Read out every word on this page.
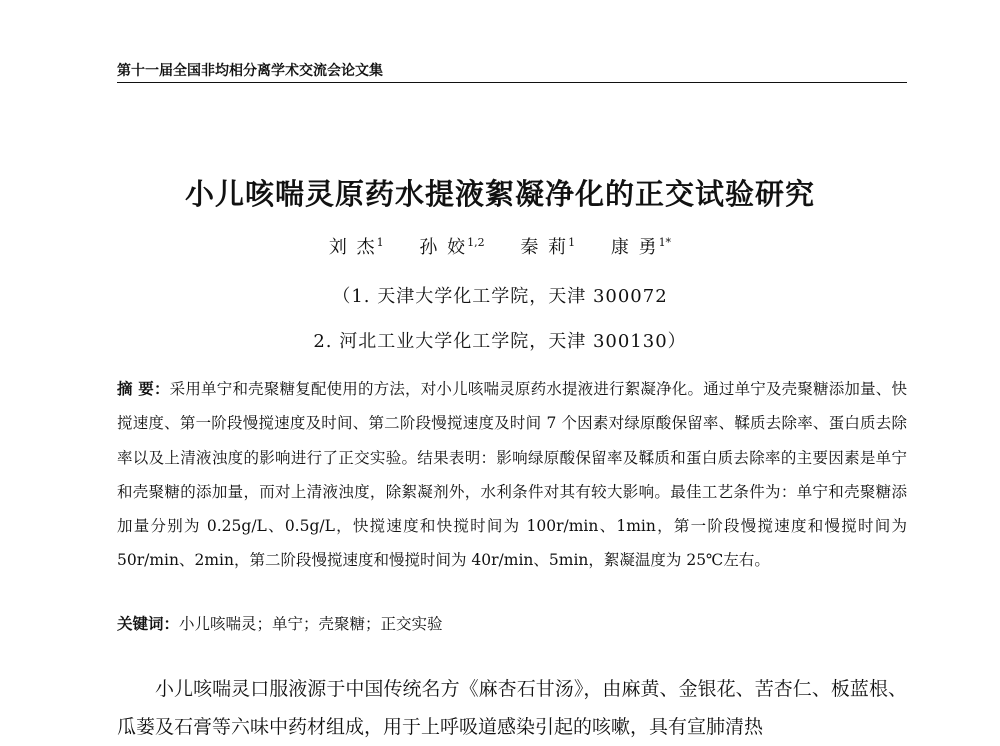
第十一届全国非均相分离学术交流会论文集
小儿咳喘灵原药水提液絮凝净化的正交试验研究
刘 杰$^1$ 孙 姣$^{1,2}$ 秦 莉$^1$ 康 勇$^{1*}$
（1. 天津大学化工学院，天津 300072
2. 河北工业大学化工学院，天津 300130）
摘 要：采用单宁和壳聚糖复配使用的方法，对小儿咳喘灵原药水提液进行絮凝净化。通过单宁及壳聚糖添加量、快搅速度、第一阶段慢搅速度及时间、第二阶段慢搅速度及时间 7 个因素对绿原酸保留率、鞣质去除率、蛋白质去除率以及上清液浊度的影响进行了正交实验。结果表明：影响绿原酸保留率及鞣质和蛋白质去除率的主要因素是单宁和壳聚糖的添加量，而对上清液浊度，除絮凝剂外，水利条件对其有较大影响。最佳工艺条件为：单宁和壳聚糖添加量分别为 0.25g/L、0.5g/L，快搅速度和快搅时间为 100r/min、1min，第一阶段慢搅速度和慢搅时间为 50r/min、2min，第二阶段慢搅速度和慢搅时间为 40r/min、5min，絮凝温度为 25℃左右。
关键词：小儿咳喘灵；单宁；壳聚糖；正交实验
小儿咳喘灵口服液源于中国传统名方《麻杏石甘汤》，由麻黄、金银花、苦杏仁、板蓝根、瓜蒌及石膏等六味中药材组成，用于上呼吸道感染引起的咳嗽，具有宣肺清热
